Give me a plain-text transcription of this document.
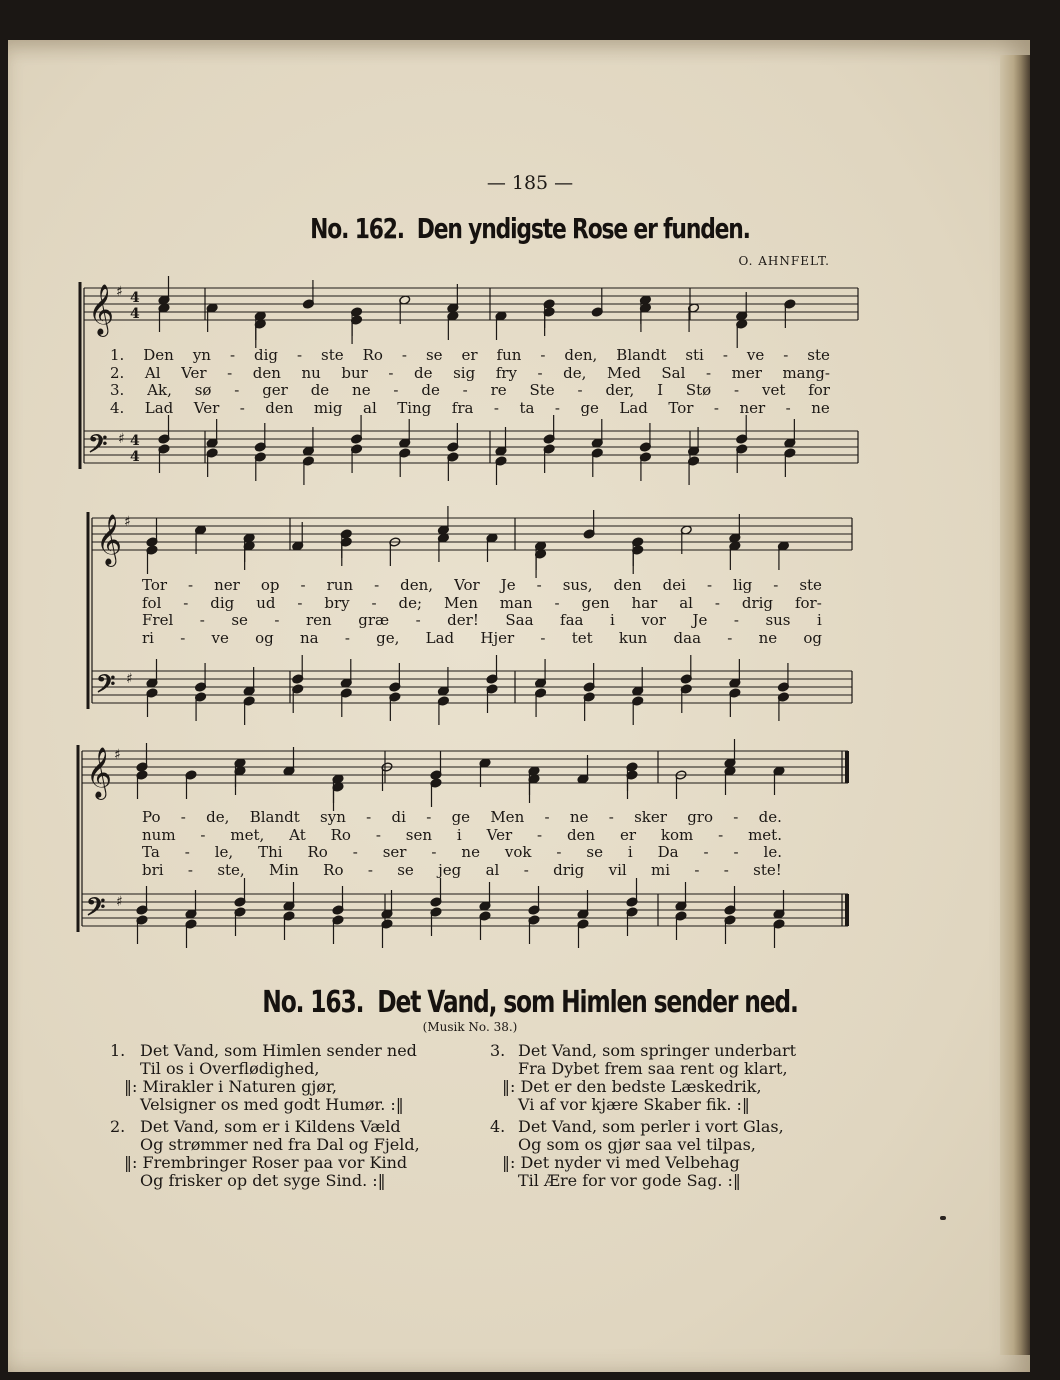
— 185 —
No. 162. Den yndigste Rose er funden.
O. AHNFELT.
𝄞
𝄢
♯
♯
4
4
4
4
𝄞
𝄢
♯
♯
𝄞
𝄢
♯
♯
1. Den yn - dig - ste Ro - se er fun - den, Blandt sti - ve - ste
2. Al Ver - den nu bur - de sig fry - de, Med Sal - mer mang-
3. Ak, sø - ger de ne - de - re Ste - der, I Stø - vet for
4. Lad Ver - den mig al Ting fra - ta - ge Lad Tor - ner - ne
Tor - ner op - run - den, Vor Je - sus, den dei - lig - ste
fol - dig ud - bry - de; Men man - gen har al - drig for-
Frel - se - ren græ - der! Saa faa i vor Je - sus i
ri - ve og na - ge, Lad Hjer - tet kun daa - ne og
Po - de, Blandt syn - di - ge Men - ne - sker gro - de.
num - met, At Ro - sen i Ver - den er kom - met.
Ta - le, Thi Ro - ser - ne vok - se i Da - - le.
bri - ste, Min Ro - se jeg al - drig vil mi - - ste!
No. 163. Det Vand, som Himlen sender ned.
(Musik No. 38.)
1. Det Vand, som Himlen sender ned
Til os i Overflødighed,
‖: Mirakler i Naturen gjør,
Velsigner os med godt Humør. :‖
2. Det Vand, som er i Kildens Væld
Og strømmer ned fra Dal og Fjeld,
‖: Frembringer Roser paa vor Kind
Og frisker op det syge Sind. :‖
3. Det Vand, som springer underbart
Fra Dybet frem saa rent og klart,
‖: Det er den bedste Læskedrik,
Vi af vor kjære Skaber fik. :‖
4. Det Vand, som perler i vort Glas,
Og som os gjør saa vel tilpas,
‖: Det nyder vi med Velbehag
Til Ære for vor gode Sag. :‖
